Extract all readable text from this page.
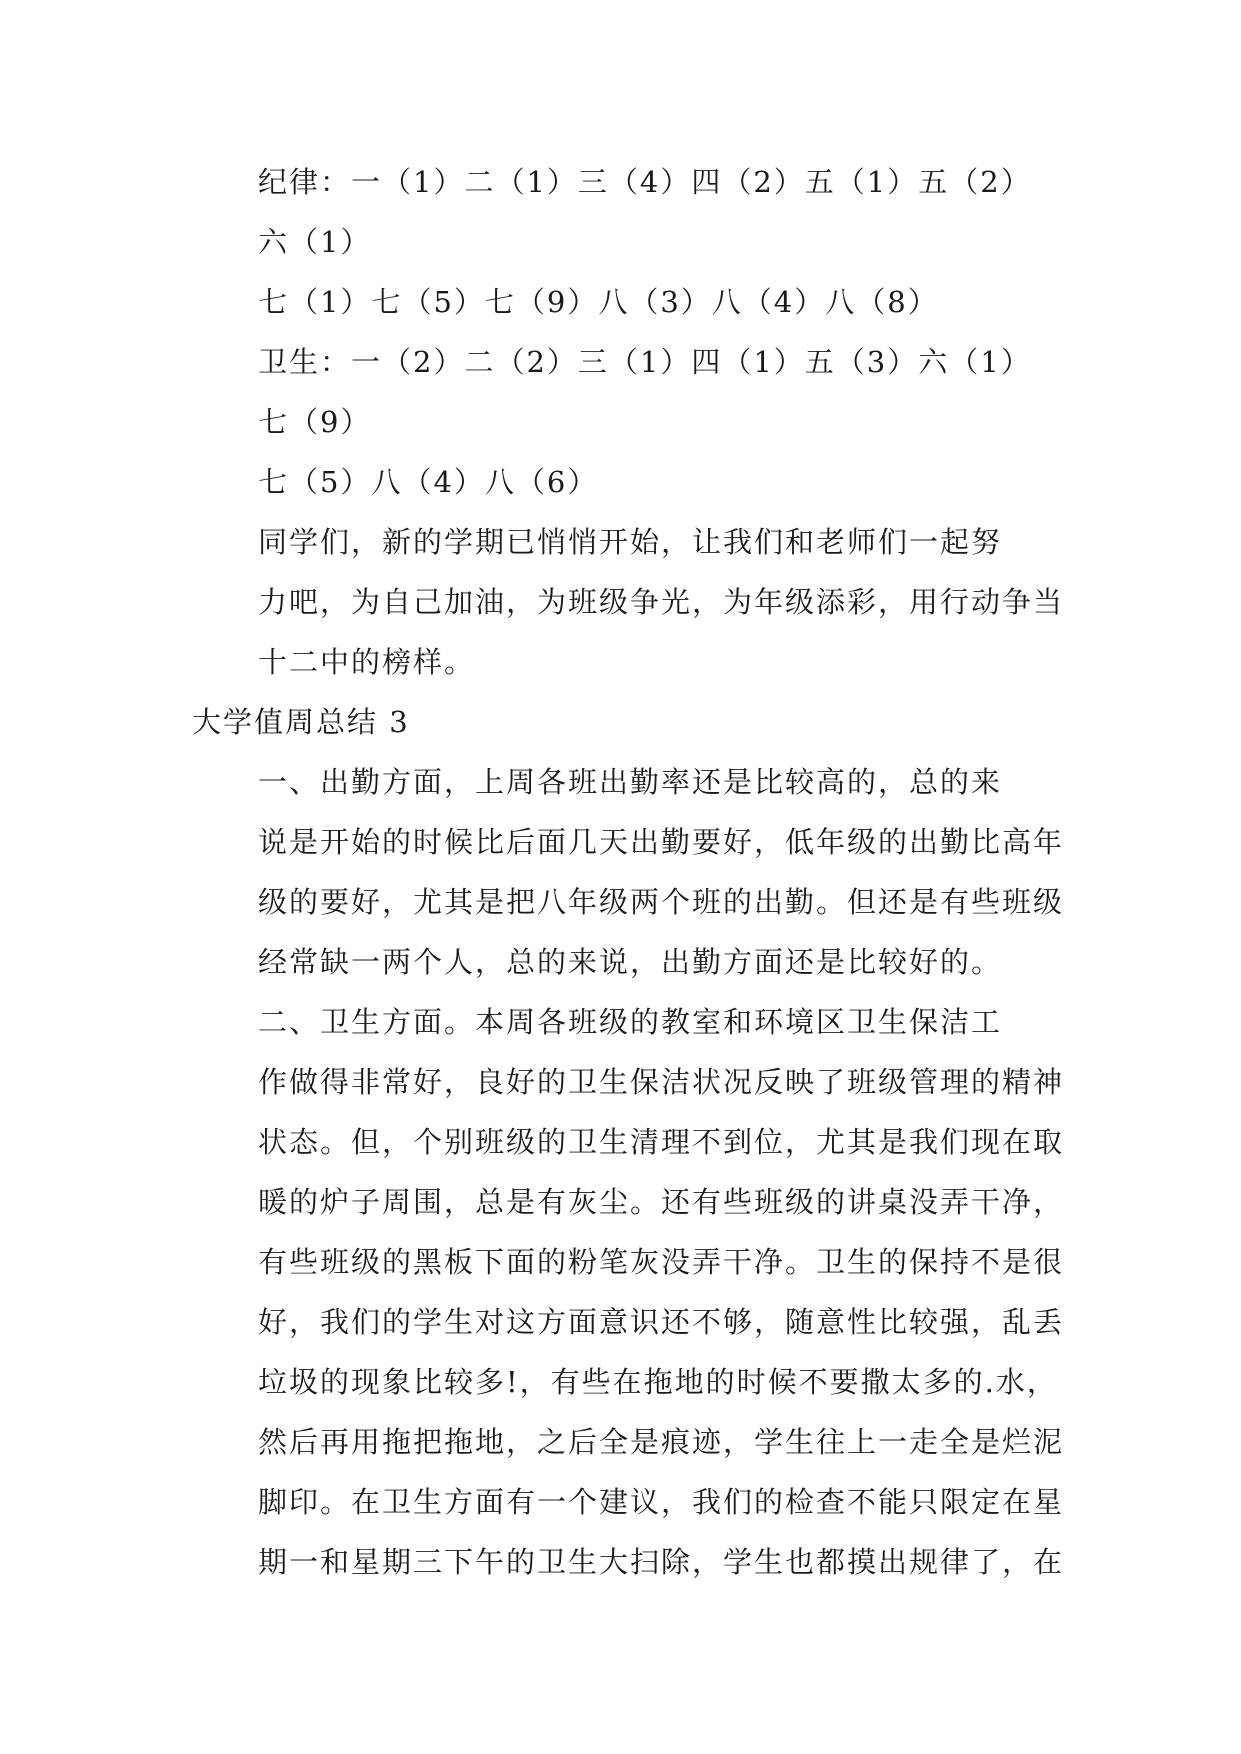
纪律：一（1）二（1）三（4）四（2）五（1）五（2）
六（1）

七（1）七（5）七（9）八（3）八（4）八（8）

卫生：一（2）二（2）三（1）四（1）五（3）六（1）
七（9）

七（5）八（4）八（6）

同学们，新的学期已悄悄开始，让我们和老师们一起努
力吧，为自己加油，为班级争光，为年级添彩，用行动争当
十二中的榜样。

大学值周总结 3

一、出勤方面，上周各班出勤率还是比较高的，总的来
说是开始的时候比后面几天出勤要好，低年级的出勤比高年
级的要好，尤其是把八年级两个班的出勤。但还是有些班级
经常缺一两个人，总的来说，出勤方面还是比较好的。

二、卫生方面。本周各班级的教室和环境区卫生保洁工
作做得非常好，良好的卫生保洁状况反映了班级管理的精神
状态。但，个别班级的卫生清理不到位，尤其是我们现在取
暖的炉子周围，总是有灰尘。还有些班级的讲桌没弄干净，
有些班级的黑板下面的粉笔灰没弄干净。卫生的保持不是很
好，我们的学生对这方面意识还不够，随意性比较强，乱丢
垃圾的现象比较多!，有些在拖地的时候不要撒太多的.水，
然后再用拖把拖地，之后全是痕迹，学生往上一走全是烂泥
脚印。在卫生方面有一个建议，我们的检查不能只限定在星
期一和星期三下午的卫生大扫除，学生也都摸出规律了，在
